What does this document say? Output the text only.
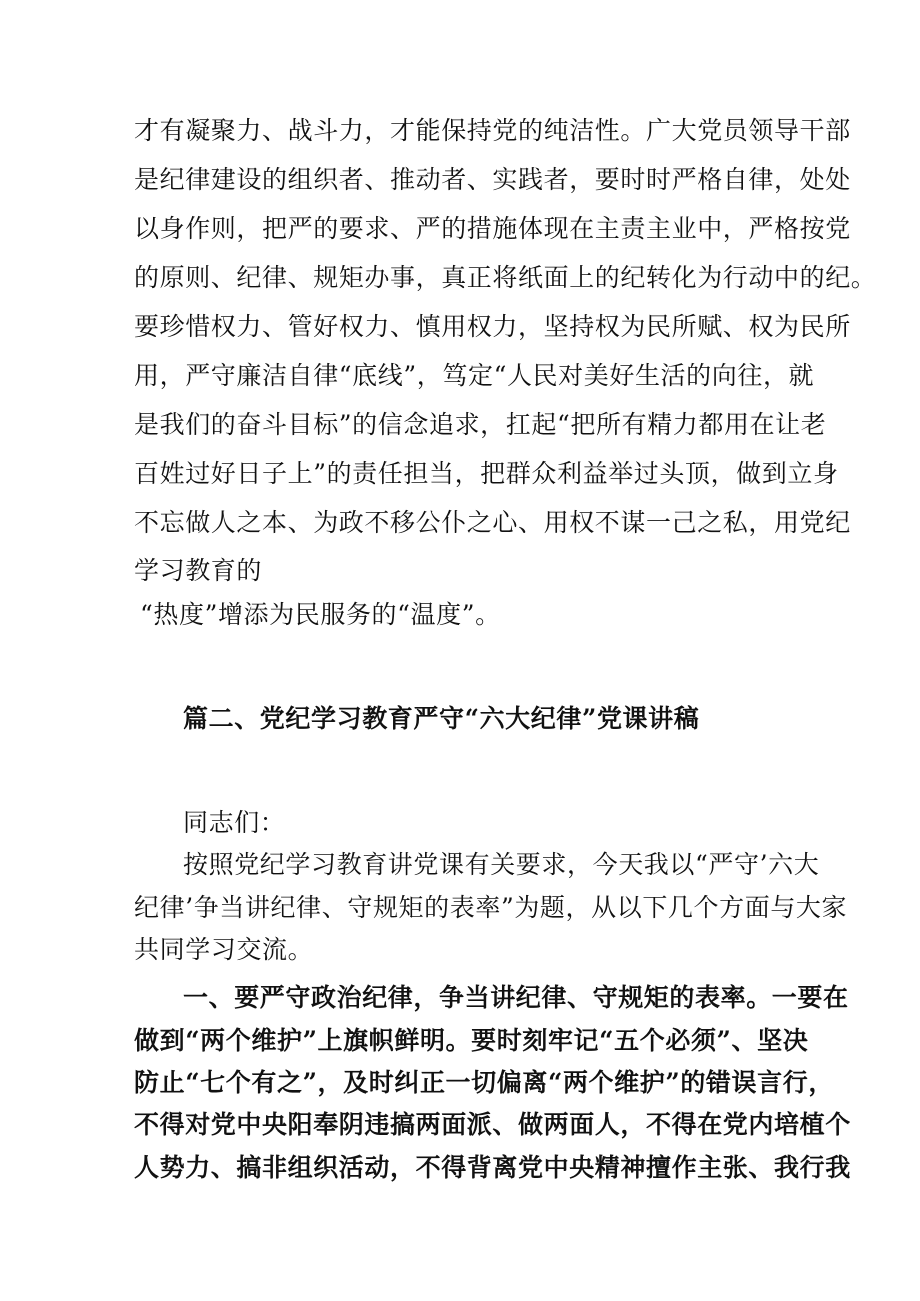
才有凝聚力、战斗力，才能保持党的纯洁性。广大党员领导干部

是纪律建设的组织者、推动者、实践者，要时时严格自律，处处

以身作则，把严的要求、严的措施体现在主责主业中，严格按党

的原则、纪律、规矩办事，真正将纸面上的纪转化为行动中的纪。

要珍惜权力、管好权力、慎用权力，坚持权为民所赋、权为民所

用，严守廉洁自律“底线”，笃定“人民对美好生活的向往，就

是我们的奋斗目标”的信念追求，扛起“把所有精力都用在让老

百姓过好日子上”的责任担当，把群众利益举过头顶，做到立身

不忘做人之本、为政不移公仆之心、用权不谋一己之私，用党纪

学习教育的

“热度”增添为民服务的“温度”。

篇二、党纪学习教育严守“六大纪律”党课讲稿

同志们：

按照党纪学习教育讲党课有关要求，今天我以“严守’六大

纪律’争当讲纪律、守规矩的表率”为题，从以下几个方面与大家

共同学习交流。

一、要严守政治纪律，争当讲纪律、守规矩的表率。一要在

做到“两个维护”上旗帜鲜明。要时刻牢记“五个必须”、坚决

防止“七个有之”，及时纠正一切偏离“两个维护”的错误言行，

不得对党中央阳奉阴违搞两面派、做两面人，不得在党内培植个

人势力、搞非组织活动，不得背离党中央精神擅作主张、我行我
